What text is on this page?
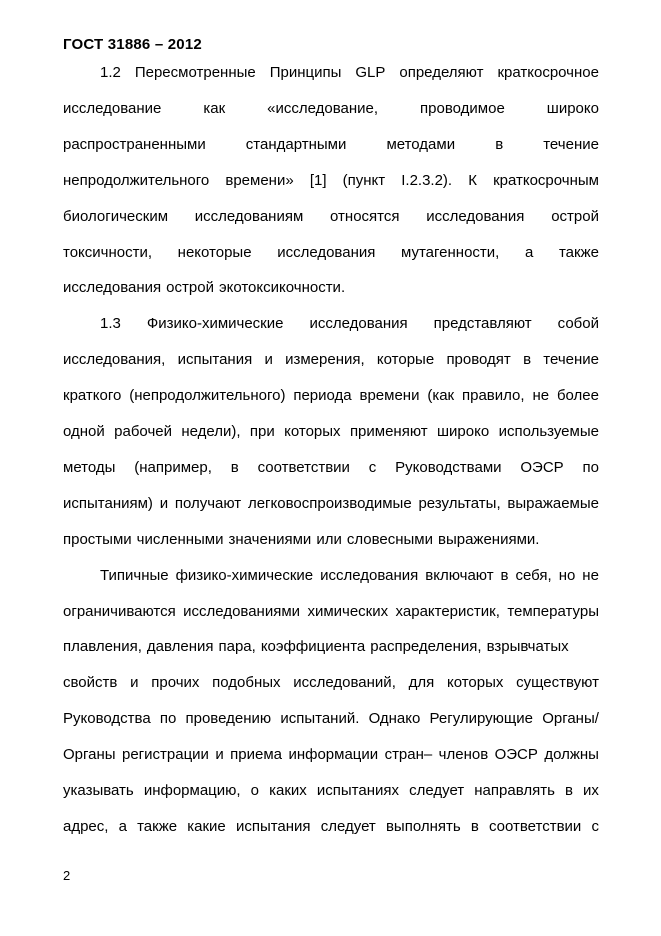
ГОСТ 31886 – 2012
1.2 Пересмотренные Принципы GLP определяют краткосрочное
исследование	как	«исследование,	проводимое	широко
распространенными	стандартными	методами	в	течение
непродолжительного времени» [1] (пункт I.2.3.2). К краткосрочным
биологическим исследованиям относятся исследования острой
токсичности, некоторые исследования мутагенности, а также
исследования острой экотоксикочности.
1.3 Физико-химические исследования представляют собой
исследования, испытания и измерения, которые проводят в течение
краткого (непродолжительного) периода времени (как правило, не более
одной рабочей недели), при которых применяют широко используемые
методы (например, в соответствии с Руководствами ОЭСР по
испытаниям) и получают легковоспроизводимые результаты, выражаемые
простыми численными значениями или словесными выражениями.
Типичные физико-химические исследования включают в себя, но не
ограничиваются исследованиями химических характеристик, температуры
плавления, давления пара, коэффициента распределения, взрывчатых
свойств и прочих подобных исследований, для которых существуют
Руководства по проведению испытаний. Однако Регулирующие Органы/
Органы регистрации и приема информации стран– членов ОЭСР должны
указывать информацию, о каких испытаниях следует направлять в их
адрес, а также какие испытания следует выполнять в соответствии с
2
